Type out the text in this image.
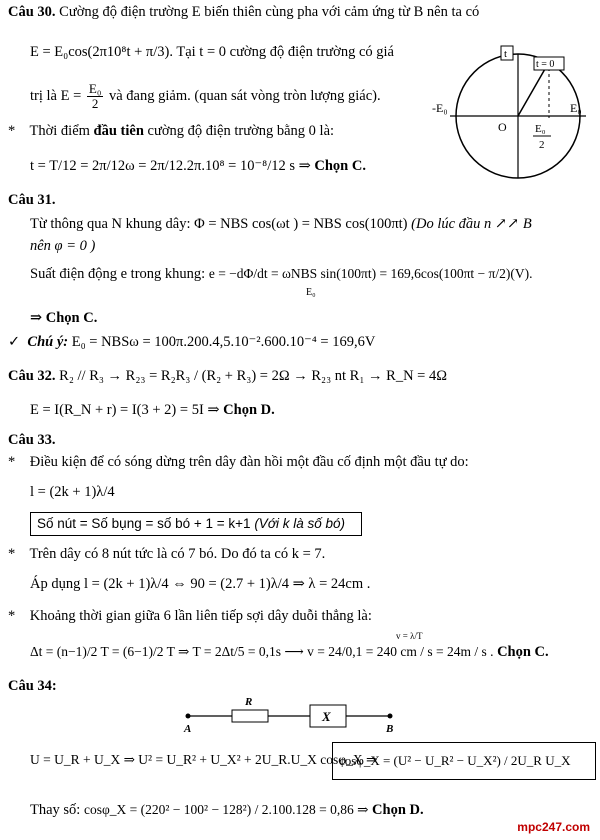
Câu 30. Cường độ điện trường E biến thiên cùng pha với cảm ứng từ B nên ta có
E = E₀cos(2π10⁸t + π/3). Tại t = 0 cường độ điện trường có giá
trị là $E = \frac{\text{E₀}}{2}$ và đang giảm. (quan sát vòng tròn lượng giác).
* Thời điểm đầu tiên cường độ điện trường bằng 0 là:
t = T/12 = 2π/12ω = 2π/12.2π.10⁸ = 10⁻⁸/12 s ⇒ Chọn C.
t
t = 0
-E₀	E₀
O	E₀
2
Câu 31.
Từ thông qua N khung dây: Φ = NBS cos(ωt ) = NBS cos(100πt) (Do lúc đầu n ↗↗ B
nên φ = 0 )
Suất điện động e trong khung: e = −dΦ/dt = ωNBS sin(100πt) = 169,6cos(100πt − π/2)(V).
E₀
⇒ Chọn C.
✓ Chú ý: E₀ = NBSω = 100π.200.4,5.10⁻².600.10⁻⁴ = 169,6V
Câu 32. R₂ // R₃ → R₂₃ = R₂R₃ / (R₂ + R₃) = 2Ω → R₂₃ nt R₁ → R_N = 4Ω
E = I(R_N + r) = I(3 + 2) = 5I ⇒ Chọn D.
Câu 33.
* Điều kiện để có sóng dừng trên dây đàn hồi một đầu cố định một đầu tự do:
l = (2k + 1)λ/4
Số nút = Số bụng = số bó + 1 = k+1 (Với k là số bó)
* Trên dây có 8 nút tức là có 7 bó. Do đó ta có k = 7.
Áp dụng l = (2k + 1)λ/4 ⇔ 90 = (2.7 + 1)λ/4 ⇒ λ = 24cm .
* Khoảng thời gian giữa 6 lần liên tiếp sợi dây duỗi thẳng là:
v = λ/T
Δt = (n−1)/2 T = (6−1)/2 T ⇒ T = 2Δt/5 = 0,1s ⟶ v = 24/0,1 = 240 cm / s = 24m / s . Chọn C.
Câu 34:
R
X
A	B
U = U_R + U_X ⇒ U² = U_R² + U_X² + 2U_R.U_X cosφ_X ⇒
cosφ_X = (U² − U_R² − U_X²) / 2U_R U_X
Thay số: cosφ_X = (220² − 100² − 128²) / 2.100.128 = 0,86 ⇒ Chọn D.
mpc247.com
